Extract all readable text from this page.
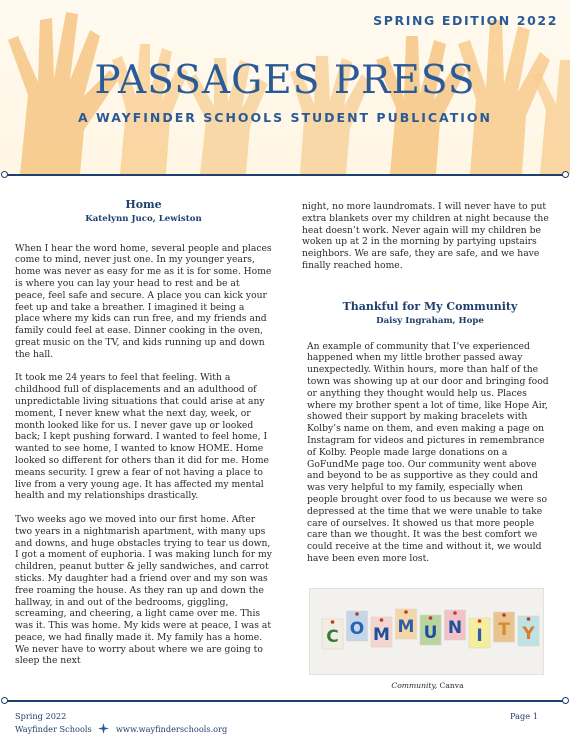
SPRING EDITION 2022
PASSAGES PRESS
A WAYFINDER SCHOOLS STUDENT PUBLICATION
Home
Katelynn Juco, Lewiston

When I hear the word home, several people and places come to mind, never just one. In my younger years, home was never as easy for me as it is for some. Home is where you can lay your head to rest and be at peace, feel safe and secure. A place you can kick your feet up and take a breather. I imagined it being a place where my kids can run free, and my friends and family could feel at ease. Dinner cooking in the oven, great music on the TV, and kids running up and down the hall.

It took me 24 years to feel that feeling. With a childhood full of displacements and an adulthood of unpredictable living situations that could arise at any moment, I never knew what the next day, week, or month looked like for us. I never gave up or looked back; I kept pushing forward. I wanted to feel home, I wanted to see home, I wanted to know HOME. Home looked so different for others than it did for me. Home means security. I grew a fear of not having a place to live from a very young age. It has affected my mental health and my relationships drastically.

Two weeks ago we moved into our first home. After two years in a nightmarish apartment, with many ups and downs, and huge obstacles trying to tear us down, I got a moment of euphoria. I was making lunch for my children, peanut butter & jelly sandwiches, and carrot sticks. My daughter had a friend over and my son was free roaming the house. As they ran up and down the hallway, in and out of the bedrooms, giggling, screaming, and cheering, a light came over me. This was it. This was home. My kids were at peace, I was at peace, we had finally made it. My family has a home. We never have to worry about where we are going to sleep the next

night, no more laundromats. I will never have to put extra blankets over my children at night because the heat doesn’t work. Never again will my children be woken up at 2 in the morning by partying upstairs neighbors. We are safe, they are safe, and we have finally reached home.

Thankful for My Community
Daisy Ingraham, Hope

An example of community that I’ve experienced happened when my little brother passed away unexpectedly. Within hours, more than half of the town was showing up at our door and bringing food or anything they thought would help us. Places where my brother spent a lot of time, like Hope Air, showed their support by making bracelets with Kolby’s name on them, and even making a page on Instagram for videos and pictures in remembrance of Kolby. People made large donations on a GoFundMe page too. Our community went above and beyond to be as supportive as they could and was very helpful to my family, especially when people brought over food to us because we were so depressed at the time that we were unable to take care of ourselves. It showed us that more people care than we thought. It was the best comfort we could receive at the time and without it, we would have been even more lost.

C O M M U N I T Y
Community, Canva
Spring 2022
Wayfinder Schools	www.wayfinderschools.org
Page 1
